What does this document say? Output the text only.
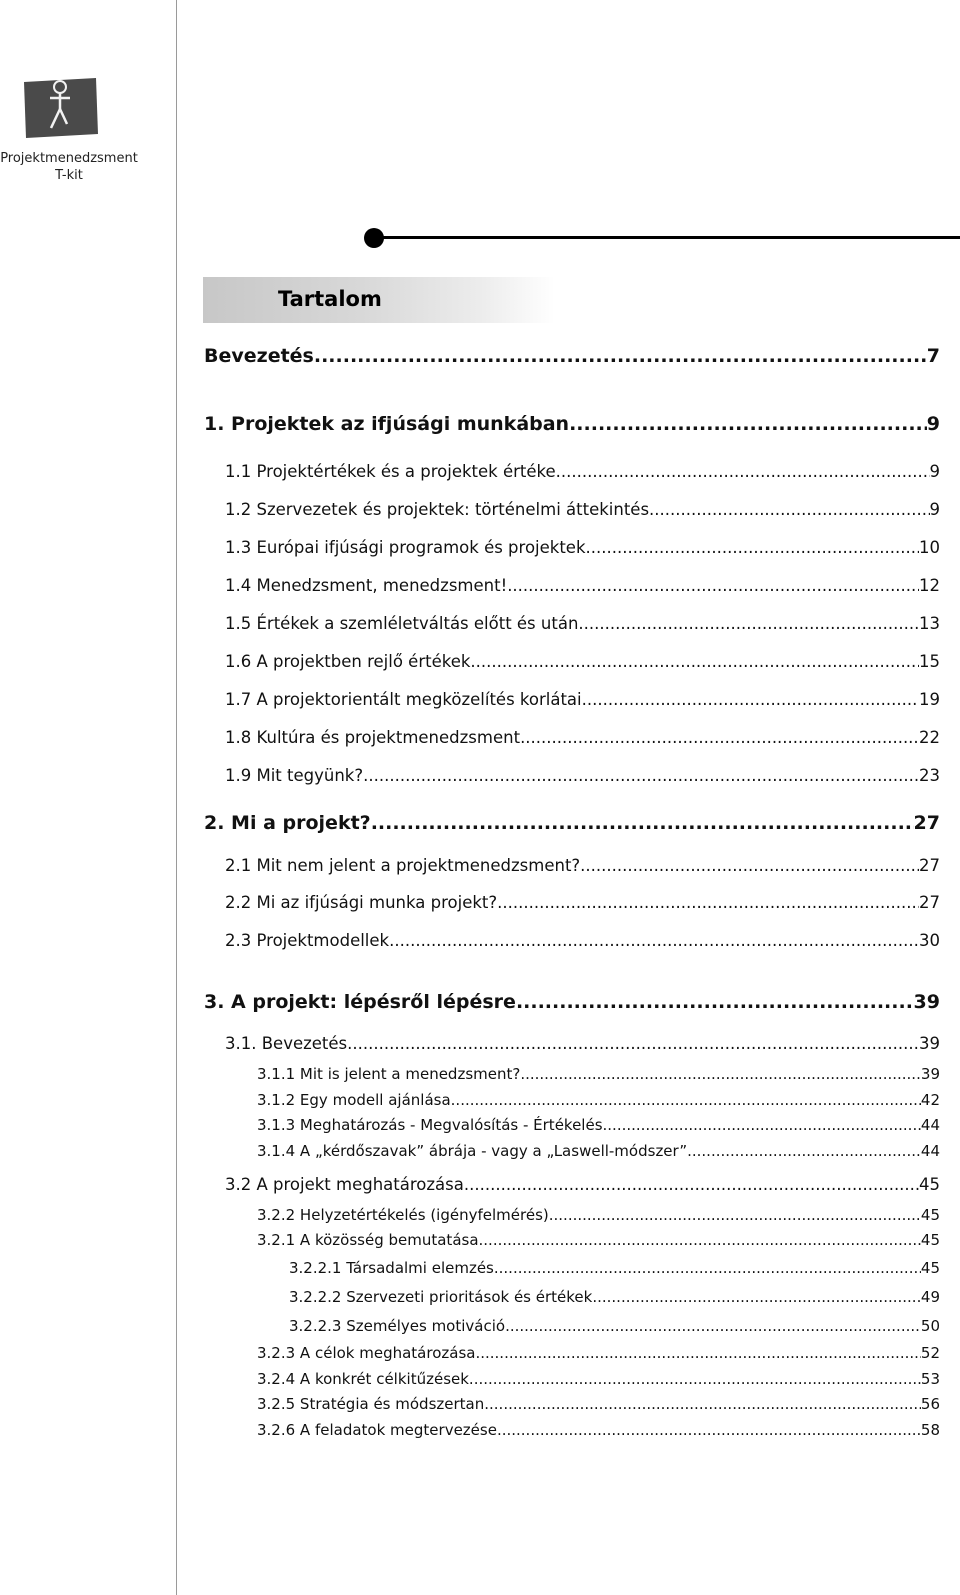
Projektmenedzsment
T-kit
Tartalom
Bevezetés .....	7
1. Projektek az ifjúsági munkában .....	9
1.1 Projektértékek és a projektek értéke .....	9
1.2 Szervezetek és projektek: történelmi áttekintés .....	9
1.3 Európai ifjúsági programok és projektek .....	10
1.4 Menedzsment, menedzsment! .....	12
1.5 Értékek a szemléletváltás előtt és után .....	13
1.6 A projektben rejlő értékek .....	15
1.7 A projektorientált megközelítés korlátai .....	19
1.8 Kultúra és projektmenedzsment .....	22
1.9 Mit tegyünk? .....	23
2. Mi a projekt? .....	27
2.1 Mit nem jelent a projektmenedzsment? .....	27
2.2 Mi az ifjúsági munka projekt? .....	27
2.3 Projektmodellek .....	30
3. A projekt: lépésről lépésre .....	39
3.1. Bevezetés .....	39
3.1.1 Mit is jelent a menedzsment? .....	39
3.1.2 Egy modell ajánlása .....	42
3.1.3 Meghatározás - Megvalósítás - Értékelés .....	44
3.1.4 A „kérdőszavak” ábrája - vagy a „Laswell-módszer” .....	44
3.2 A projekt meghatározása .....	45
3.2.2 Helyzetértékelés (igényfelmérés) .....	45
3.2.1 A közösség bemutatása .....	45
3.2.2.1 Társadalmi elemzés .....	45
3.2.2.2 Szervezeti prioritások és értékek .....	49
3.2.2.3 Személyes motiváció .....	50
3.2.3 A célok meghatározása .....	52
3.2.4 A konkrét célkitűzések .....	53
3.2.5 Stratégia és módszertan .....	56
3.2.6 A feladatok megtervezése .....	58
